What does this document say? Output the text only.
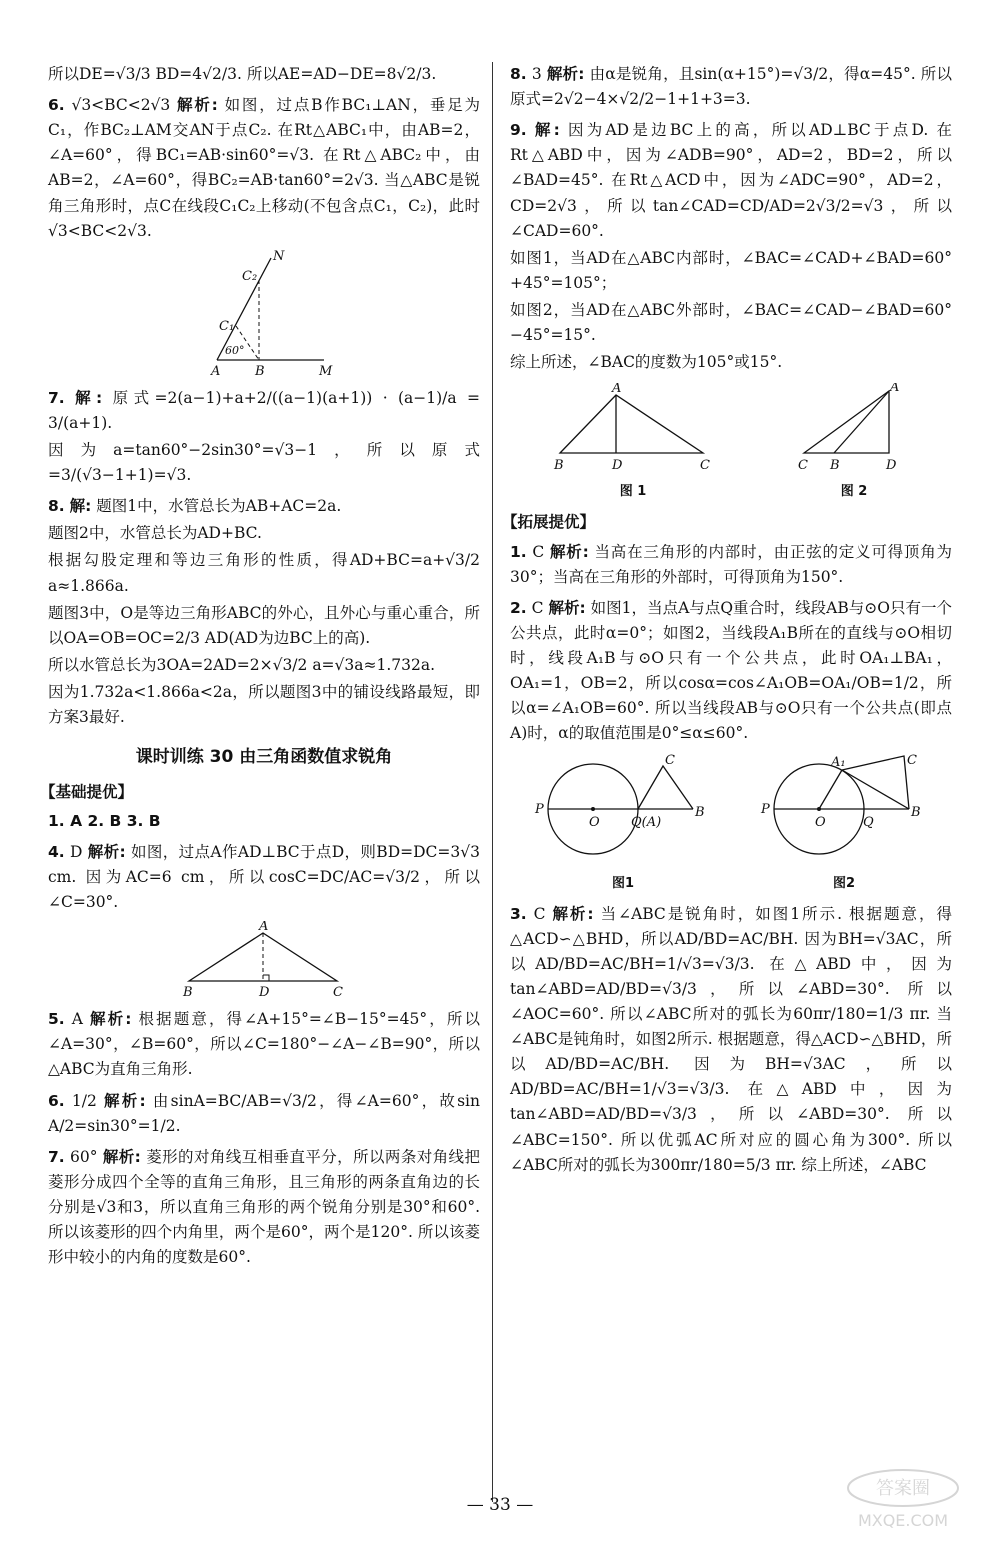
所以DE=√3/3 BD=4√2/3. 所以AE=AD−DE=8√2/3.

6. √3<BC<2√3 解析: 如图，过点B作BC₁⊥AN，垂足为C₁，作BC₂⊥AM交AN于点C₂. 在Rt△ABC₁中，由AB=2，∠A=60°，得BC₁=AB·sin60°=√3. 在Rt△ABC₂中，由AB=2，∠A=60°，得BC₂=AB·tan60°=2√3. 当△ABC是锐角三角形时，点C在线段C₁C₂上移动(不包含点C₁，C₂)，此时√3<BC<2√3.

N
C₂
C₁
60°
A	B	M

7. 解: 原式=2(a−1)+a+2/((a−1)(a+1)) · (a−1)/a = 3/(a+1).

因为a=tan60°−2sin30°=√3−1，所以原式=3/(√3−1+1)=√3.

8. 解: 题图1中，水管总长为AB+AC=2a.

题图2中，水管总长为AD+BC.

根据勾股定理和等边三角形的性质，得AD+BC=a+√3/2 a≈1.866a.

题图3中，O是等边三角形ABC的外心，且外心与重心重合，所以OA=OB=OC=2/3 AD(AD为边BC上的高).

所以水管总长为3OA=2AD=2×√3/2 a=√3a≈1.732a.

因为1.732a<1.866a<2a，所以题图3中的铺设线路最短，即方案3最好.

课时训练 30 由三角函数值求锐角
【基础提优】

1. A 2. B 3. B

4. D 解析: 如图，过点A作AD⊥BC于点D，则BD=DC=3√3 cm. 因为AC=6 cm，所以cosC=DC/AC=√3/2，所以∠C=30°.

A
B	D	C

5. A 解析: 根据题意，得∠A+15°=∠B−15°=45°，所以∠A=30°，∠B=60°，所以∠C=180°−∠A−∠B=90°，所以△ABC为直角三角形.

6. 1/2 解析: 由sinA=BC/AB=√3/2，得∠A=60°，故sin A/2=sin30°=1/2.

7. 60° 解析: 菱形的对角线互相垂直平分，所以两条对角线把菱形分成四个全等的直角三角形，且三角形的两条直角边的长分别是√3和3，所以直角三角形的两个锐角分别是30°和60°. 所以该菱形的四个内角里，两个是60°，两个是120°. 所以该菱形中较小的内角的度数是60°.

8. 3 解析: 由α是锐角，且sin(α+15°)=√3/2，得α=45°. 所以原式=2√2−4×√2/2−1+1+3=3.

9. 解: 因为AD是边BC上的高，所以AD⊥BC于点D. 在Rt△ABD中，因为∠ADB=90°，AD=2，BD=2，所以∠BAD=45°. 在Rt△ACD中，因为∠ADC=90°，AD=2，CD=2√3，所以tan∠CAD=CD/AD=2√3/2=√3，所以∠CAD=60°.

如图1，当AD在△ABC内部时，∠BAC=∠CAD+∠BAD=60°+45°=105°；

如图2，当AD在△ABC外部时，∠BAC=∠CAD−∠BAD=60°−45°=15°.

综上所述，∠BAC的度数为105°或15°.

A
B	D	C
图 1
A
C B	D
图 2
【拓展提优】

1. C 解析: 当高在三角形的内部时，由正弦的定义可得顶角为30°；当高在三角形的外部时，可得顶角为150°.

2. C 解析: 如图1，当点A与点Q重合时，线段AB与⊙O只有一个公共点，此时α=0°；如图2，当线段A₁B所在的直线与⊙O相切时，线段A₁B与⊙O只有一个公共点，此时OA₁⊥BA₁，OA₁=1，OB=2，所以cosα=cos∠A₁OB=OA₁/OB=1/2，所以α=∠A₁OB=60°. 所以当线段AB与⊙O只有一个公共点(即点A)时，α的取值范围是0°≤α≤60°.

C
P
O Q(A)
B
图1
A₁	C
P
O	Q
B
图2

3. C 解析: 当∠ABC是锐角时，如图1所示. 根据题意，得△ACD∽△BHD，所以AD/BD=AC/BH. 因为BH=√3AC，所以AD/BD=AC/BH=1/√3=√3/3. 在△ABD中，因为tan∠ABD=AD/BD=√3/3，所以∠ABD=30°. 所以∠AOC=60°. 所以∠ABC所对的弧长为60πr/180=1/3 πr. 当∠ABC是钝角时，如图2所示. 根据题意，得△ACD∽△BHD，所以AD/BD=AC/BH. 因为BH=√3AC，所以AD/BD=AC/BH=1/√3=√3/3. 在△ABD中，因为tan∠ABD=AD/BD=√3/3，所以∠ABD=30°. 所以∠ABC=150°. 所以优弧AC所对应的圆心角为300°. 所以∠ABC所对的弧长为300πr/180=5/3 πr. 综上所述，∠ABC

— 33 —
答案圈
MXQE.COM
